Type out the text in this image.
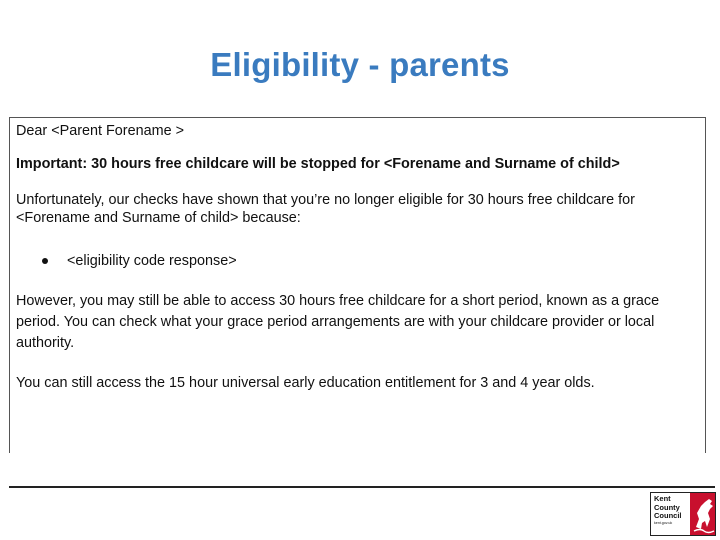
Eligibility - parents
Dear <Parent Forename >
Important: 30 hours free childcare will be stopped for <Forename and Surname of child>
Unfortunately, our checks have shown that you’re no longer eligible for 30 hours free childcare for
<Forename and Surname of child> because:
<eligibility code response>
However, you may still be able to access 30 hours free childcare for a short period, known as a grace
period. You can check what your grace period arrangements are with your childcare provider or local
authority.
You can still access the 15 hour universal early education entitlement for 3 and 4 year olds.
Kent
County
Council
kent.gov.uk
